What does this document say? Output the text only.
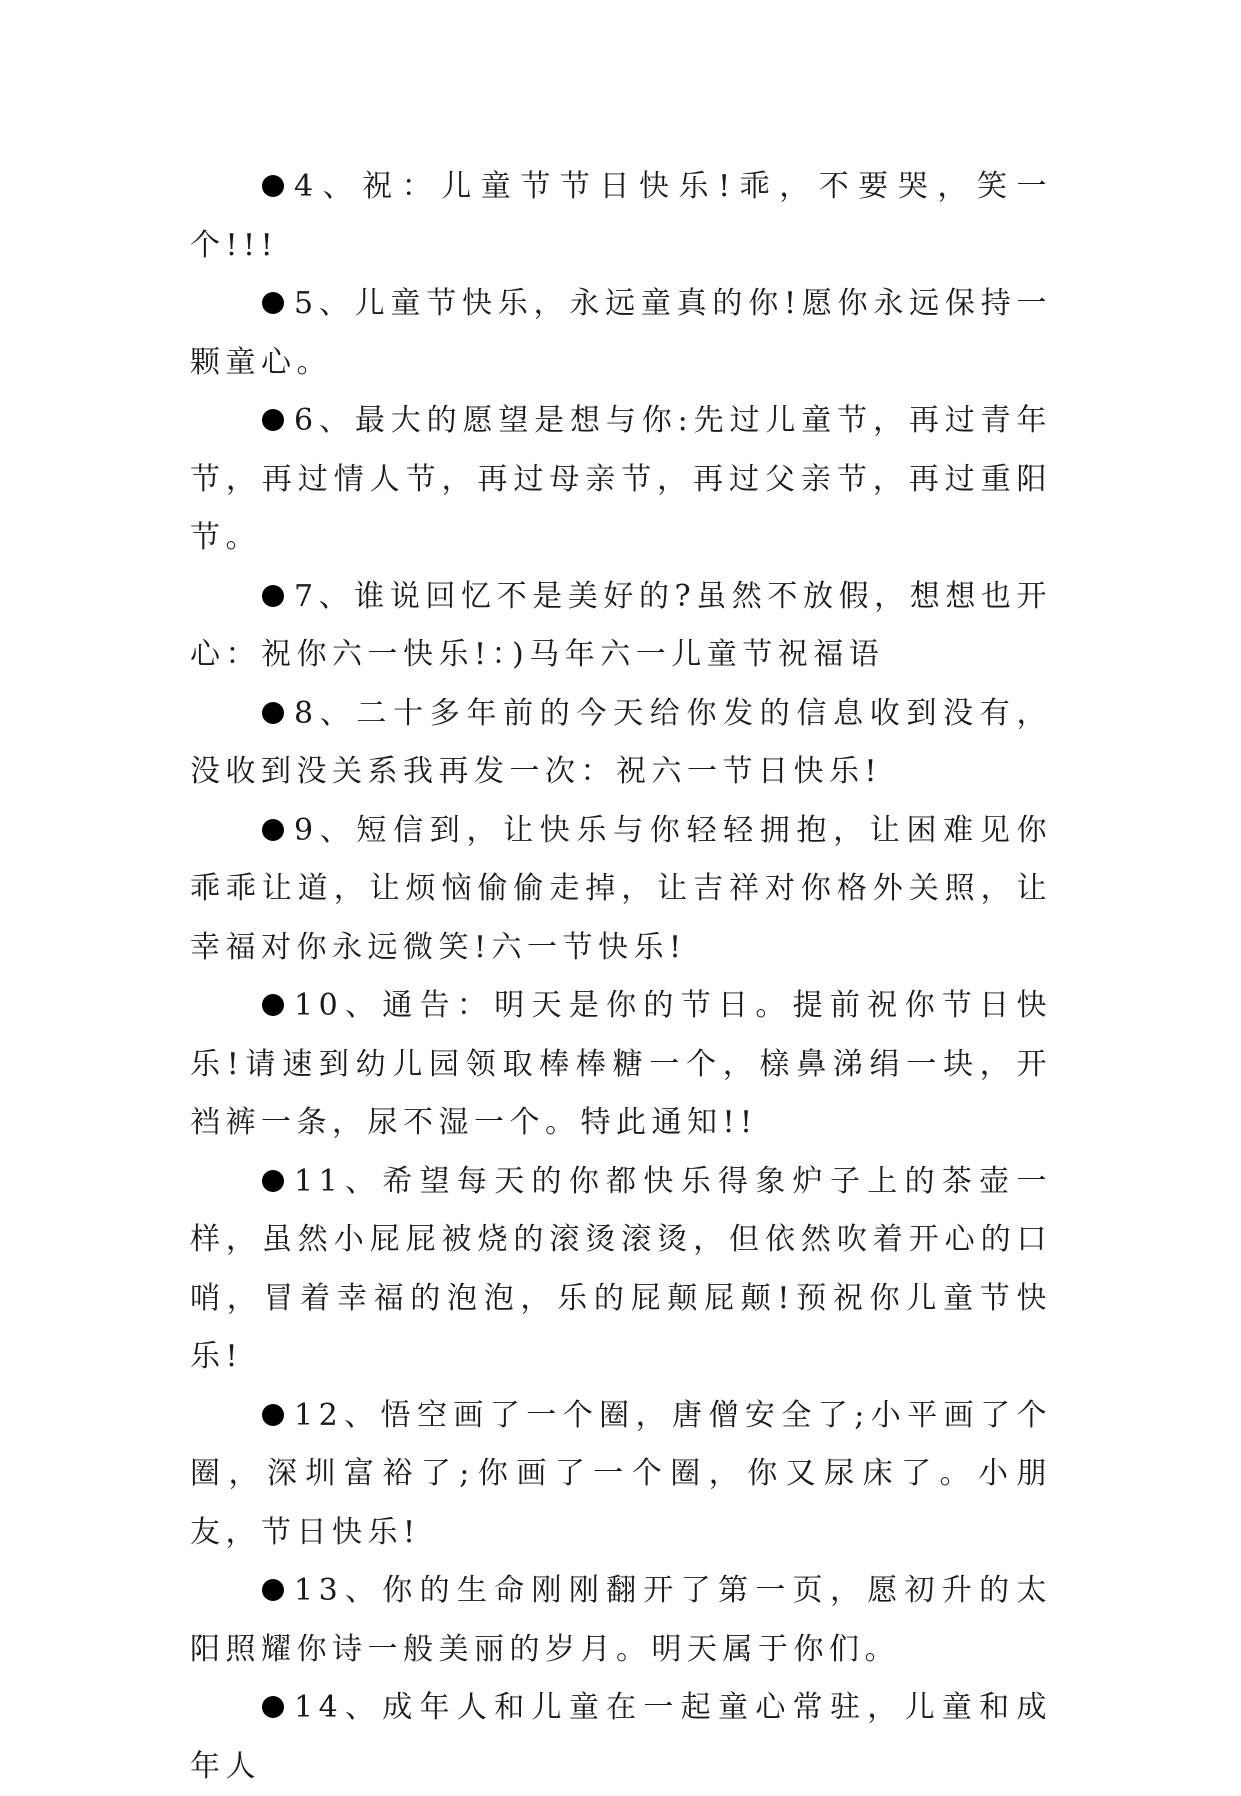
4、祝：儿童节节日快乐!乖，不要哭，笑一个!!!

5、儿童节快乐，永远童真的你!愿你永远保持一颗童心。

6、最大的愿望是想与你:先过儿童节，再过青年节，再过情人节，再过母亲节，再过父亲节，再过重阳节。

7、谁说回忆不是美好的?虽然不放假，想想也开心：祝你六一快乐!：)马年六一儿童节祝福语

8、二十多年前的今天给你发的信息收到没有，没收到没关系我再发一次：祝六一节日快乐!

9、短信到，让快乐与你轻轻拥抱，让困难见你乖乖让道，让烦恼偷偷走掉，让吉祥对你格外关照，让幸福对你永远微笑!六一节快乐!

10、通告：明天是你的节日。提前祝你节日快乐!请速到幼儿园领取棒棒糖一个，榇鼻涕绢一块，开裆裤一条，尿不湿一个。特此通知!!

11、希望每天的你都快乐得象炉子上的茶壶一样，虽然小屁屁被烧的滚烫滚烫，但依然吹着开心的口哨，冒着幸福的泡泡，乐的屁颠屁颠!预祝你儿童节快乐!

12、悟空画了一个圈，唐僧安全了;小平画了个圈，深圳富裕了;你画了一个圈，你又尿床了。小朋友，节日快乐!

13、你的生命刚刚翻开了第一页，愿初升的太阳照耀你诗一般美丽的岁月。明天属于你们。

14、成年人和儿童在一起童心常驻，儿童和成年人
